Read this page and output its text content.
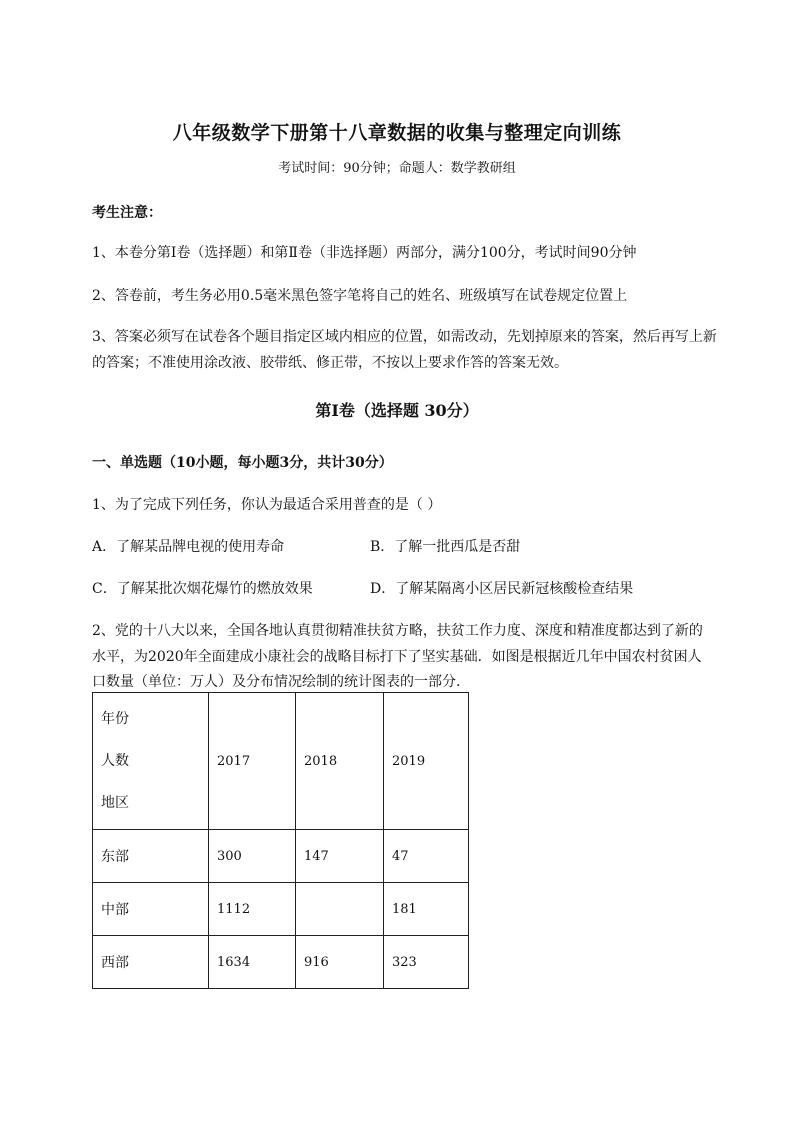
八年级数学下册第十八章数据的收集与整理定向训练
考试时间：90分钟；命题人：数学教研组
考生注意：
1、本卷分第Ⅰ卷（选择题）和第Ⅱ卷（非选择题）两部分，满分100分，考试时间90分钟
2、答卷前，考生务必用0.5毫米黑色签字笔将自己的姓名、班级填写在试卷规定位置上
3、答案必须写在试卷各个题目指定区域内相应的位置，如需改动，先划掉原来的答案，然后再写上新
的答案；不准使用涂改液、胶带纸、修正带，不按以上要求作答的答案无效。
第Ⅰ卷（选择题 30分）
一、单选题（10小题，每小题3分，共计30分）
1、为了完成下列任务，你认为最适合采用普查的是（ ）
A．了解某品牌电视的使用寿命	B．了解一批西瓜是否甜
C．了解某批次烟花爆竹的燃放效果	D．了解某隔离小区居民新冠核酸检查结果
2、党的十八大以来，全国各地认真贯彻精准扶贫方略，扶贫工作力度、深度和精准度都达到了新的
水平，为2020年全面建成小康社会的战略目标打下了坚实基础．如图是根据近几年中国农村贫困人
口数量（单位：万人）及分布情况绘制的统计图表的一部分．
年份
人数
地区	2017	2018	2019
东部	300	147	47
中部	1112		181
西部	1634	916	323
